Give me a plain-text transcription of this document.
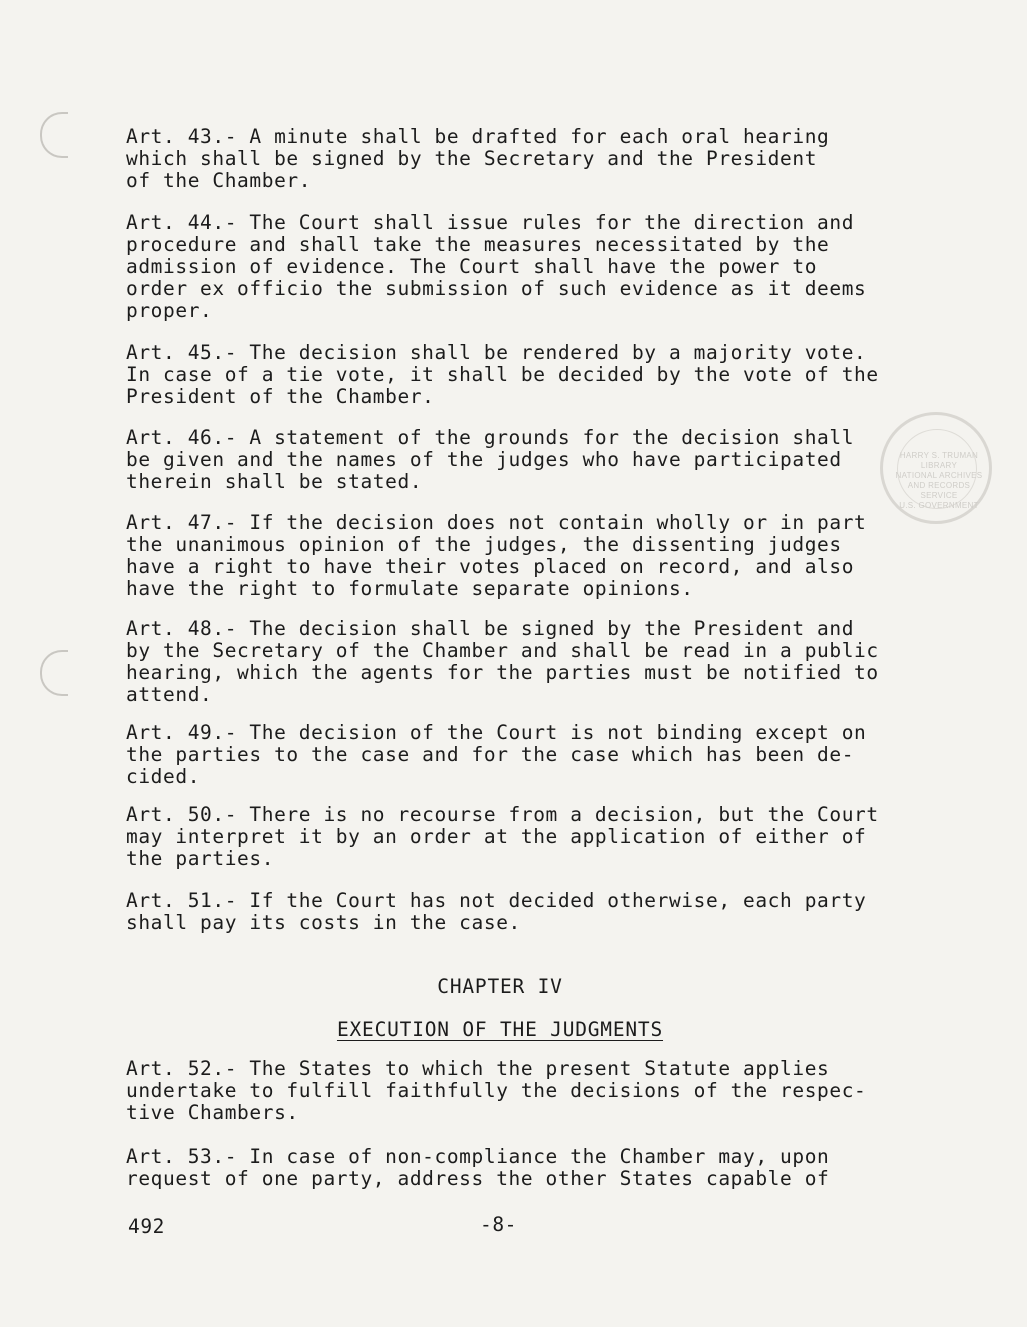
HARRY S. TRUMAN LIBRARY
NATIONAL ARCHIVES AND RECORDS SERVICE
U.S. GOVERNMENT
Art. 43.- A minute shall be drafted for each oral hearing
which shall be signed by the Secretary and the President
of the Chamber.
Art. 44.- The Court shall issue rules for the direction and
procedure and shall take the measures necessitated by the
admission of evidence. The Court shall have the power to
order ex officio the submission of such evidence as it deems
proper.
Art. 45.- The decision shall be rendered by a majority vote.
In case of a tie vote, it shall be decided by the vote of the
President of the Chamber.
Art. 46.- A statement of the grounds for the decision shall
be given and the names of the judges who have participated
therein shall be stated.
Art. 47.- If the decision does not contain wholly or in part
the unanimous opinion of the judges, the dissenting judges
have a right to have their votes placed on record, and also
have the right to formulate separate opinions.
Art. 48.- The decision shall be signed by the President and
by the Secretary of the Chamber and shall be read in a public
hearing, which the agents for the parties must be notified to
attend.
Art. 49.- The decision of the Court is not binding except on
the parties to the case and for the case which has been de-
cided.
Art. 50.- There is no recourse from a decision, but the Court
may interpret it by an order at the application of either of
the parties.
Art. 51.- If the Court has not decided otherwise, each party
shall pay its costs in the case.
CHAPTER IV
EXECUTION OF THE JUDGMENTS
Art. 52.- The States to which the present Statute applies
undertake to fulfill faithfully the decisions of the respec-
tive Chambers.
Art. 53.- In case of non-compliance the Chamber may, upon
request of one party, address the other States capable of
492	-8-
